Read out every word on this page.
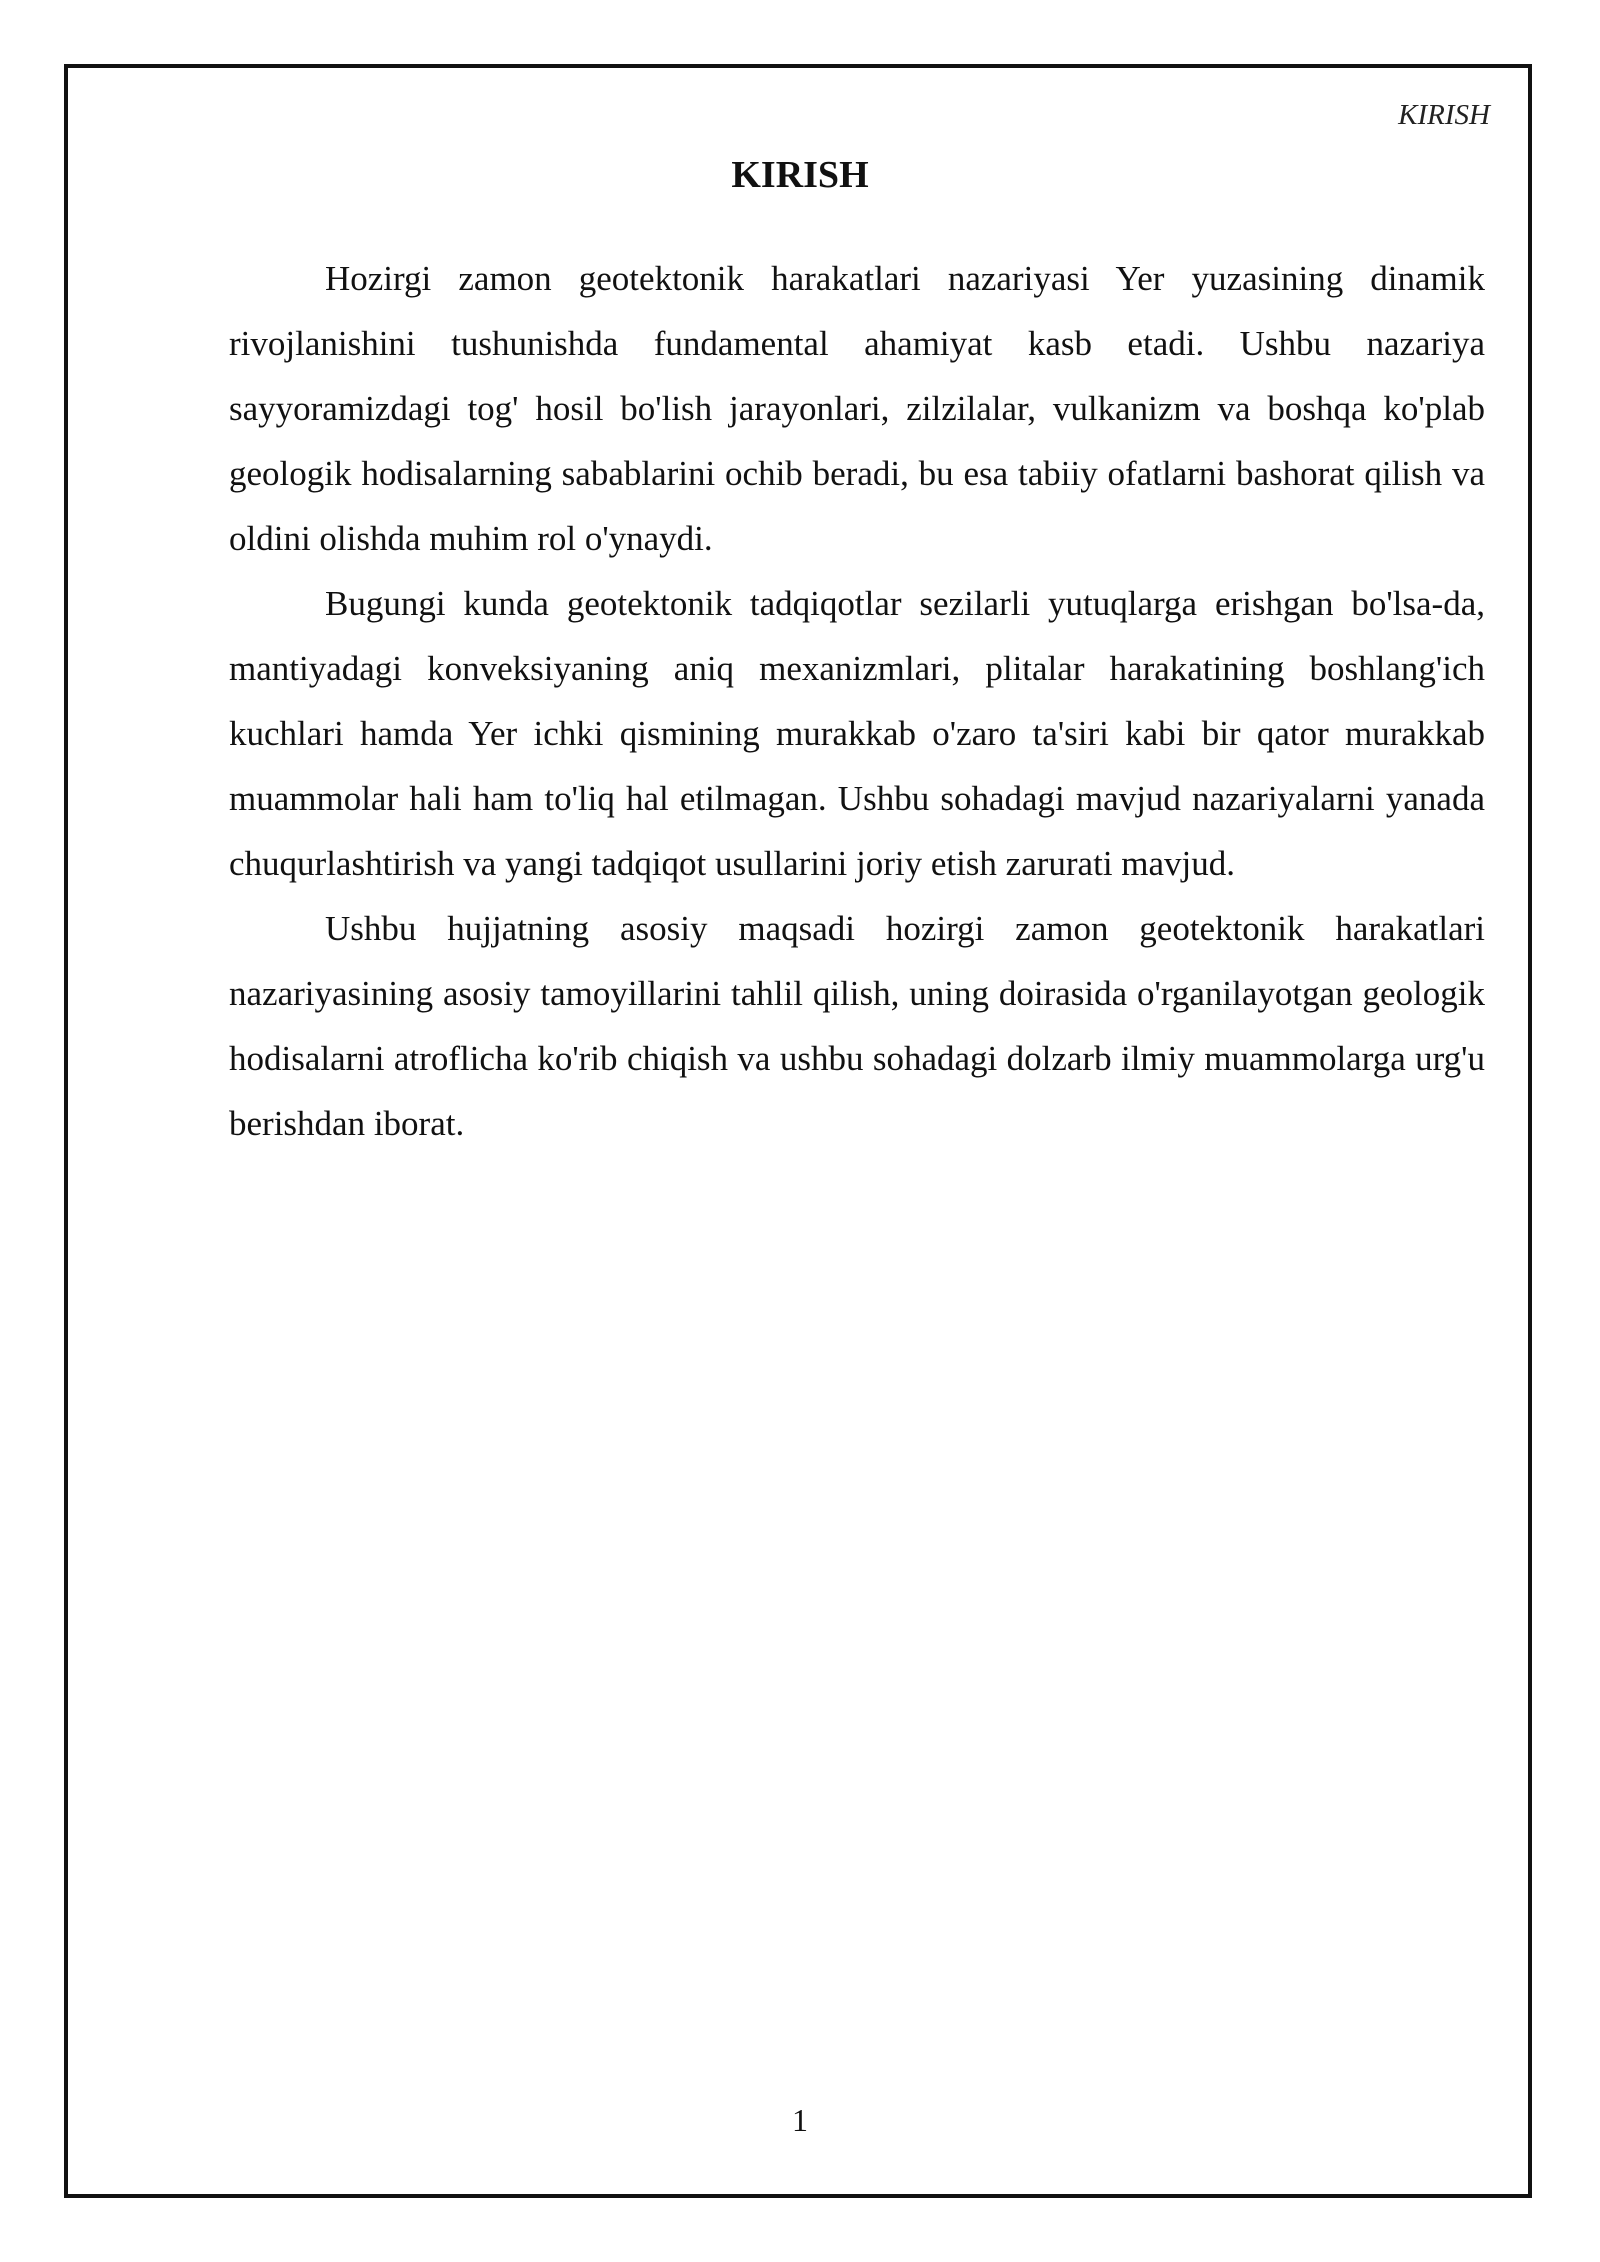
KIRISH
KIRISH

Hozirgi zamon geotektonik harakatlari nazariyasi Yer yuzasining dinamik rivojlanishini tushunishda fundamental ahamiyat kasb etadi. Ushbu nazariya sayyoramizdagi tog' hosil bo'lish jarayonlari, zilzilalar, vulkanizm va boshqa ko'plab geologik hodisalarning sabablarini ochib beradi, bu esa tabiiy ofatlarni bashorat qilish va oldini olishda muhim rol o'ynaydi.

Bugungi kunda geotektonik tadqiqotlar sezilarli yutuqlarga erishgan bo'lsa-da, mantiyadagi konveksiyaning aniq mexanizmlari, plitalar harakatining boshlang'ich kuchlari hamda Yer ichki qismining murakkab o'zaro ta'siri kabi bir qator murakkab muammolar hali ham to'liq hal etilmagan. Ushbu sohadagi mavjud nazariyalarni yanada chuqurlashtirish va yangi tadqiqot usullarini joriy etish zarurati mavjud.

Ushbu hujjatning asosiy maqsadi hozirgi zamon geotektonik harakatlari nazariyasining asosiy tamoyillarini tahlil qilish, uning doirasida o'rganilayotgan geologik hodisalarni atroflicha ko'rib chiqish va ushbu sohadagi dolzarb ilmiy muammolarga urg'u berishdan iborat.

1
